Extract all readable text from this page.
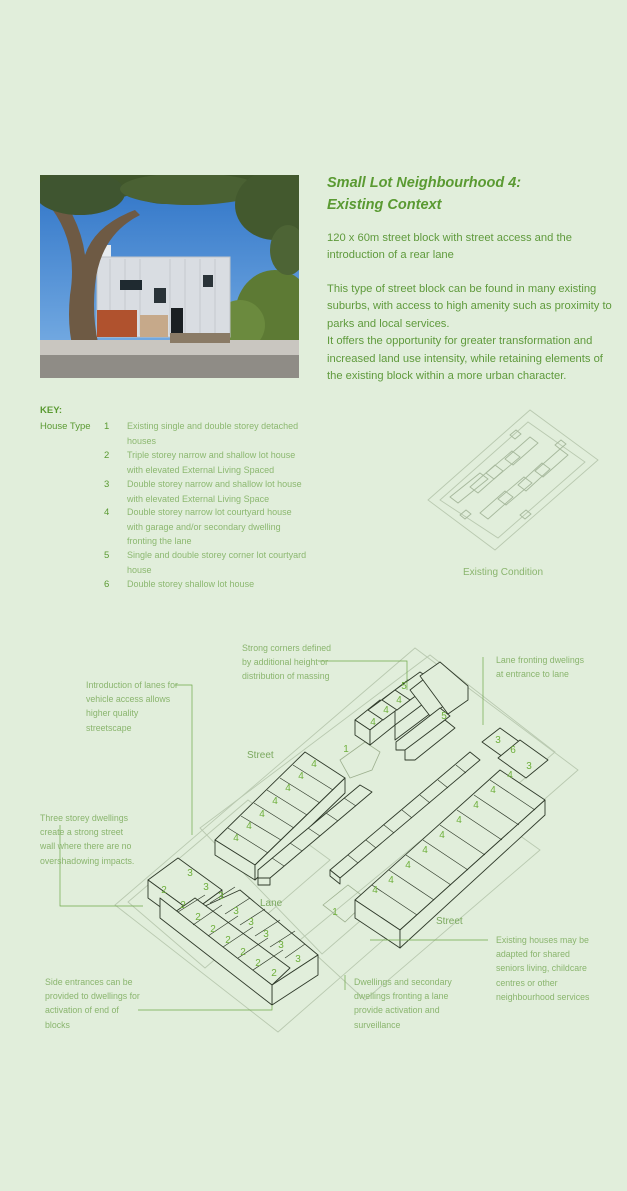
Small Lot Neighbourhood 4:
Existing Context
120 x 60m street block with street access and the introduction of a rear lane
This type of street block can be found in many existing suburbs, with access to high amenity such as proximity to parks and local services.
It offers the opportunity for greater transformation and increased land use intensity, while retaining elements of the existing block within a more urban character.
KEY:
House Type 1 Existing single and double storey detached houses
2 Triple storey narrow and shallow lot house with elevated External Living Spaced
3 Double storey narrow and shallow lot house with elevated External Living Space
4 Double storey narrow lot courtyard house with garage and/or secondary dwelling fronting the lane
5 Single and double storey corner lot courtyard house
6 Double storey shallow lot house
Existing Condition
4
4
4
5
5
1
4
4
4
4
4
4
4
3
6
3
4
4
4
4
4
4
4
4
4
1
2
3
3
2
2
2
2
2
2
2
3
3
3
3
3
3
Strong corners defined by additional height or distribution of massing
Lane fronting dwelings at entrance to lane
Introduction of lanes for vehicle access allows higher quality streetscape
Three storey dwellings create a strong street wall where there are no overshadowing impacts.
Existing houses may be adapted for shared seniors living, childcare centres or other neighbourhood services
Side entrances can be provided to dwellings for activation of end of blocks
Dwellings and secondary dwellings fronting a lane provide activation and surveillance
Street
Street
Lane
